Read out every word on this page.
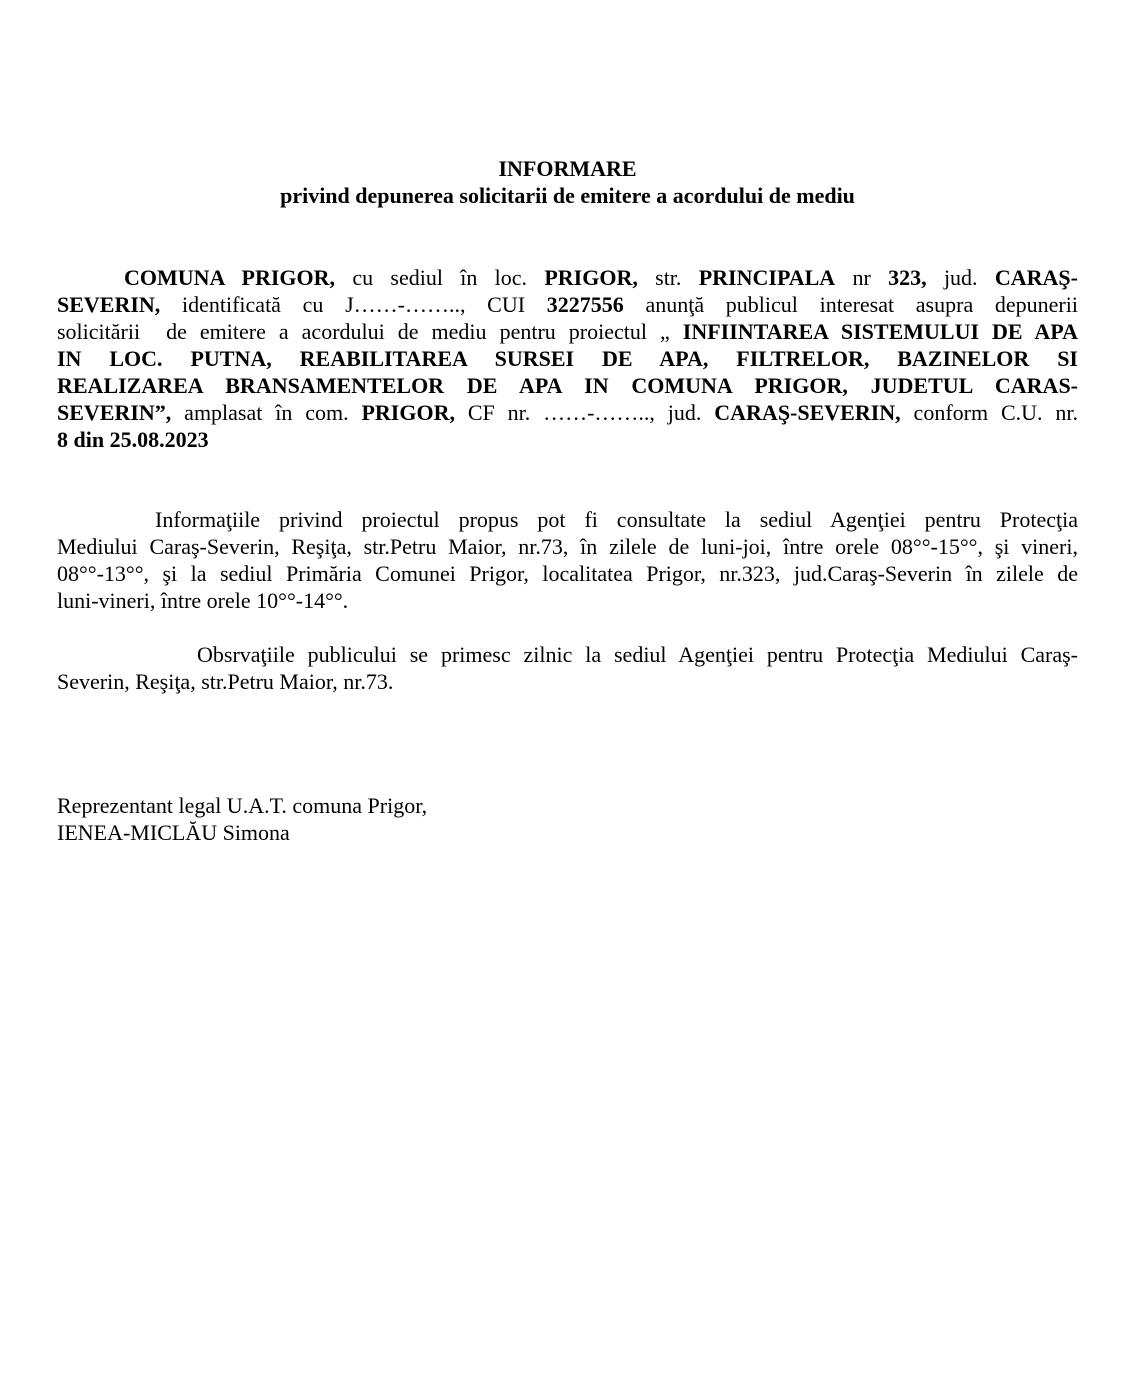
INFORMARE
privind depunerea solicitarii de emitere a acordului de mediu
COMUNA PRIGOR, cu sediul în loc. PRIGOR, str. PRINCIPALA nr 323, jud. CARAŞ-
SEVERIN, identificată cu J……-…….., CUI 3227556 anunţă publicul interesat asupra depunerii
solicitării  de emitere a acordului de mediu pentru proiectul „ INFIINTAREA SISTEMULUI DE APA
IN LOC. PUTNA, REABILITAREA SURSEI DE APA, FILTRELOR, BAZINELOR SI
REALIZAREA BRANSAMENTELOR DE APA IN COMUNA PRIGOR, JUDETUL CARAS-
SEVERIN”, amplasat în com. PRIGOR, CF nr. ……-…….., jud. CARAŞ-SEVERIN, conform C.U. nr.
8 din 25.08.2023
Informaţiile privind proiectul propus pot fi consultate la sediul Agenţiei pentru Protecţia
Mediului Caraş-Severin, Reşiţa, str.Petru Maior, nr.73, în zilele de luni-joi, între orele 08°°-15°°, şi vineri,
08°°-13°°, şi la sediul Primăria Comunei Prigor, localitatea Prigor, nr.323, jud.Caraş-Severin în zilele de
luni-vineri, între orele 10°°-14°°.
Obsrvaţiile publicului se primesc zilnic la sediul Agenţiei pentru Protecţia Mediului Caraş-
Severin, Reşiţa, str.Petru Maior, nr.73.
Reprezentant legal U.A.T. comuna Prigor,
IENEA-MICLĂU Simona
